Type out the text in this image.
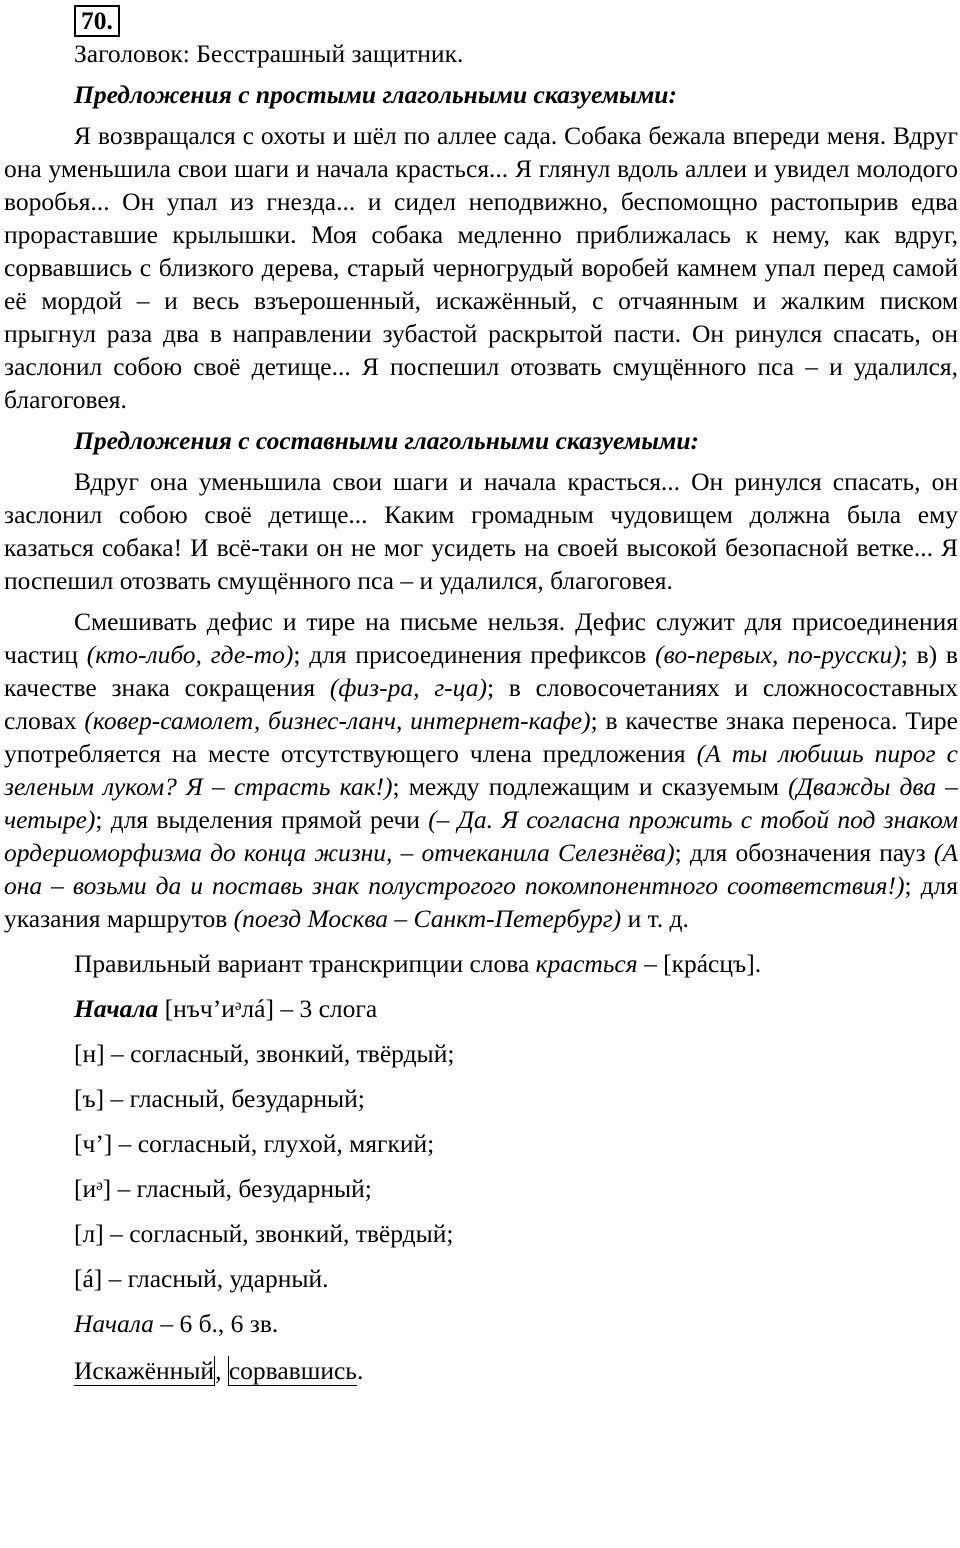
70.

Заголовок: Бесстрашный защитник.

Предложения с простыми глагольными сказуемыми:

Я возвращался с охоты и шёл по аллее сада. Собака бежала впереди меня. Вдруг она уменьшила свои шаги и начала красться... Я глянул вдоль аллеи и увидел молодого воробья... Он упал из гнезда... и сидел неподвижно, беспомощно растопырив едва прораставшие крылышки. Моя собака медленно приближалась к нему, как вдруг, сорвавшись с близкого дерева, старый черногрудый воробей камнем упал перед самой её мордой – и весь взъерошенный, искажённый, с отчаянным и жалким писком прыгнул раза два в направлении зубастой раскрытой пасти. Он ринулся спасать, он заслонил собою своё детище... Я поспешил отозвать смущённого пса – и удалился, благоговея.

Предложения с составными глагольными сказуемыми:

Вдруг она уменьшила свои шаги и начала красться... Он ринулся спасать, он заслонил собою своё детище... Каким громадным чудовищем должна была ему казаться собака! И всё-таки он не мог усидеть на своей высокой безопасной ветке... Я поспешил отозвать смущённого пса – и удалился, благоговея.

Смешивать дефис и тире на письме нельзя. Дефис служит для присоединения частиц (кто-либо, где-то); для присоединения префиксов (во-первых, по-русски); в) в качестве знака сокращения (физ-ра, г-ца); в словосочетаниях и сложносоставных словах (ковер-самолет, бизнес-ланч, интернет-кафе); в качестве знака переноса. Тире употребляется на месте отсутствующего члена предложения (А ты любишь пирог с зеленым луком? Я – страсть как!); между подлежащим и сказуемым (Дважды два – четыре); для выделения прямой речи (– Да. Я согласна прожить с тобой под знаком ордериоморфизма до конца жизни, – отчеканила Селезнёва); для обозначения пауз (А она – возьми да и поставь знак полустрогого покомпонентного соответствия!); для указания маршрутов (поезд Москва – Санкт-Петербург) и т. д.

Правильный вариант транскрипции слова красться – [крáсцъ].

Начала [нъч’иᵊлá] – 3 слога

[н] – согласный, звонкий, твёрдый;

[ъ] – гласный, безударный;

[ч’] – согласный, глухой, мягкий;

[иᵊ] – гласный, безударный;

[л] – согласный, звонкий, твёрдый;

[á] – гласный, ударный.

Начала – 6 б., 6 зв.

Искажённый, сорвавшись.
